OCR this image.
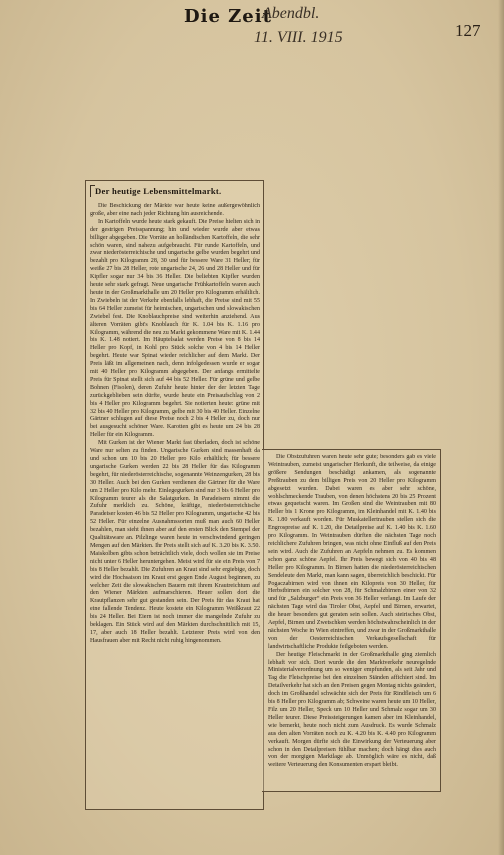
Die Zeit
Abendbl.
11. VIII. 1915	127
Der heutige Lebensmittelmarkt.

Die Beschickung der Märkte war heute keine außergewöhnlich große, aber eine nach jeder Richtung hin ausreichende.

In Kartoffeln wurde heute stark gekauft. Die Preise hielten sich in der gestrigen Preisspannung; hin und wieder wurde aber etwas billiger abgegeben. Die Vorräte an holländischen Kartoffeln, die sehr schön waren, sind nahezu aufgebraucht. Für runde Kartoffeln, und zwar niederösterreichische und ungarische gelbe wurden begehrt und bezahlt pro Kilogramm 28, 30 und für bessere Ware 31 Heller; für weiße 27 bis 28 Heller, rote ungarische 24, 26 und 28 Heller und für Kipfler sogar nur 34 bis 36 Heller. Die beliebten Kipfler wurden heute sehr stark gefragt. Neue ungarische Frühkartoffeln waren auch heute in der Großmarkthalle um 20 Heller pro Kilogramm erhältlich. In Zwiebeln ist der Verkehr ebenfalls lebhaft, die Preise sind mit 55 bis 64 Heller zumeist für heimischen, ungarischen und slowakischen Zwiebel fest. Die Knoblauchpreise sind weiterhin anziehend. Aus älteren Vorräten gibt's Knoblauch für K. 1.04 bis K. 1.16 pro Kilogramm, während die neu zu Markt gekommene Ware mit K. 1.44 bis K. 1.48 notiert. Im Häuptelsalat werden Preise von 8 bis 14 Heller pro Kopf, in Kohl pro Stück solche von 4 bis 14 Heller begehrt. Heute war Spinat wieder reichlicher auf dem Markt. Der Preis läßt im allgemeinen nach, denn infolgedessen wurde er sogar mit 40 Heller pro Kilogramm abgegeben. Der anfangs ermittelte Preis für Spinat stellt sich auf 44 bis 52 Heller. Für grüne und gelbe Bohnen (Fisolen), deren Zufuhr heute hinter der der letzten Tage zurückgeblieben sein dürfte, wurde heute ein Preisaufschlag von 2 bis 4 Heller pro Kilogramm begehrt. Sie notierten heute: grüne mit 32 bis 40 Heller pro Kilogramm, gelbe mit 30 bis 40 Heller. Einzelne Gärtner schlugen auf diese Preise noch 2 bis 4 Heller zu, doch nur bei ausgesucht schöner Ware. Karotten gibt es heute um 24 bis 28 Heller für ein Kilogramm.

Mit Gurken ist der Wiener Markt fast überladen, doch ist schöne Ware nur selten zu finden. Ungarische Gurken sind massenhaft da und schon um 10 bis 20 Heller pro Kilo erhältlich; für bessere ungarische Gurken werden 22 bis 28 Heller für das Kilogramm begehrt, für niederösterreichische, sogenannte Weinzengurken, 28 bis 30 Heller. Auch bei den Gurken verdienen die Gärtner für die Ware um 2 Heller pro Kilo mehr. Einlegegurken sind nur 3 bis 6 Heller pro Kilogramm teurer als die Salatgurken. In Paradeisern nimmt die Zufuhr merklich zu. Schöne, kräftige, niederösterreichische Paradeiser kosten 46 bis 52 Heller pro Kilogramm, ungarische 42 bis 52 Heller. Für einzelne Ausnahmssorten muß man auch 60 Heller bezahlen, man sieht ihnen aber auf den ersten Blick den Stempel der Qualitätsware an. Pilzlinge waren heute in verschwindend geringen Mengen auf den Märkten. Ihr Preis stellt sich auf K. 3.20 bis K. 3.50. Maiskolben gibts schon beträchtlich viele, doch wollen sie im Preise nicht unter 6 Heller heruntergehen. Meist wird für sie ein Preis von 7 bis 8 Heller bezahlt. Die Zufuhren an Kraut sind sehr ergiebige, doch wird die Hochsaison im Kraut erst gegen Ende August beginnen, zu welcher Zeit die slowakischen Bauern mit ihrem Krautreichtum auf den Wiener Märkten aufmarschieren. Heuer sollen dort die Krautpflanzen sehr gut gestanden sein. Der Preis für das Kraut hat eine fallende Tendenz. Heute kostete ein Kilogramm Weißkraut 22 bis 24 Heller. Bei Eiern ist noch immer die mangelnde Zufuhr zu beklagen. Ein Stück wird auf den Märkten durchschnittlich mit 15, 17, aber auch 18 Heller bezahlt. Letzterer Preis wird von den Hausfrauen aber mit Recht nicht ruhig hingenommen.

Die Obstzufuhren waren heute sehr gute; besonders gab es viele Weintrauben, zumeist ungarischer Herkunft, die teilweise, da einige größere Sendungen beschädigt ankamen, als sogenannte Preßtrauben zu dem billigen Preis von 20 Heller pro Kilogramm abgesetzt wurden. Dabei waren es aber sehr schöne, wohlschmeckende Trauben, von denen höchstens 20 bis 25 Prozent etwas gequetscht waren. Im Großen sind die Weintrauben mit 80 Heller bis 1 Krone pro Kilogramm, im Kleinhandel mit K. 1.40 bis K. 1.80 verkauft worden. Für Muskatellertrauben stellen sich die Engrospreise auf K. 1.20, die Detailpreise auf K. 1.40 bis K. 1.60 pro Kilogramm. In Weintrauben dürften die nächsten Tage noch reichlichere Zufuhren bringen, was nicht ohne Einfluß auf den Preis sein wird. Auch die Zufuhren an Aepfeln nehmen zu. Es kommen schon ganz schöne Aepfel. Ihr Preis bewegt sich von 40 bis 48 Heller pro Kilogramm. In Birnen hatten die niederösterreichischen Sendeleute den Markt, man kann sagen, überreichlich beschickt. Für Pogaczabirnen wird von ihnen ein Kilopreis von 30 Heller, für Herbstbirnen ein solcher von 28, für Schmalzbirnen einer von 32 und für „Salzburger“ ein Preis von 36 Heller verlangt. Im Laufe der nächsten Tage wird das Tiroler Obst, Aepfel und Birnen, erwartet, die heuer besonders gut geraten sein sollen. Auch steirisches Obst, Aepfel, Birnen und Zwetschken werden höchstwahrscheinlich in der nächsten Woche in Wien eintreffen, und zwar in der Großmarkthalle von der Oesterreichischen Verkaufsgesellschaft für landwirtschaftliche Produkte feilgeboten werden.

Der heutige Fleischmarkt in der Großmarkthalle ging ziemlich lebhaft vor sich. Dort wurde die den Marktverkehr neuregelnde Ministerialverordnung um so weniger empfunden, als seit Jahr und Tag die Fleischpreise bei den einzelnen Ständen affichiert sind. Im Detailverkehr hat sich an den Preisen gegen Montag nichts geändert, doch im Großhandel schwächte sich der Preis für Rindfleisch um 6 bis 8 Heller pro Kilogramm ab; Schweine waren heute um 10 Heller, Filz um 20 Heller, Speck um 10 Heller und Schmalz sogar um 30 Heller teurer. Diese Preissteigerungen kamen aber im Kleinhandel, wie bemerkt, heute noch nicht zum Ausdruck. Es wurde Schmalz aus den alten Vorräten noch zu K. 4.20 bis K. 4.40 pro Kilogramm verkauft. Morgen dürfte sich die Einwirkung der Verteuerung aber schon in den Detailpreisen fühlbar machen; doch hängt dies auch von der morgigen Marktlage ab. Unmöglich wäre es nicht, daß weitere Verteuerung den Konsumenten erspart bleibt.
